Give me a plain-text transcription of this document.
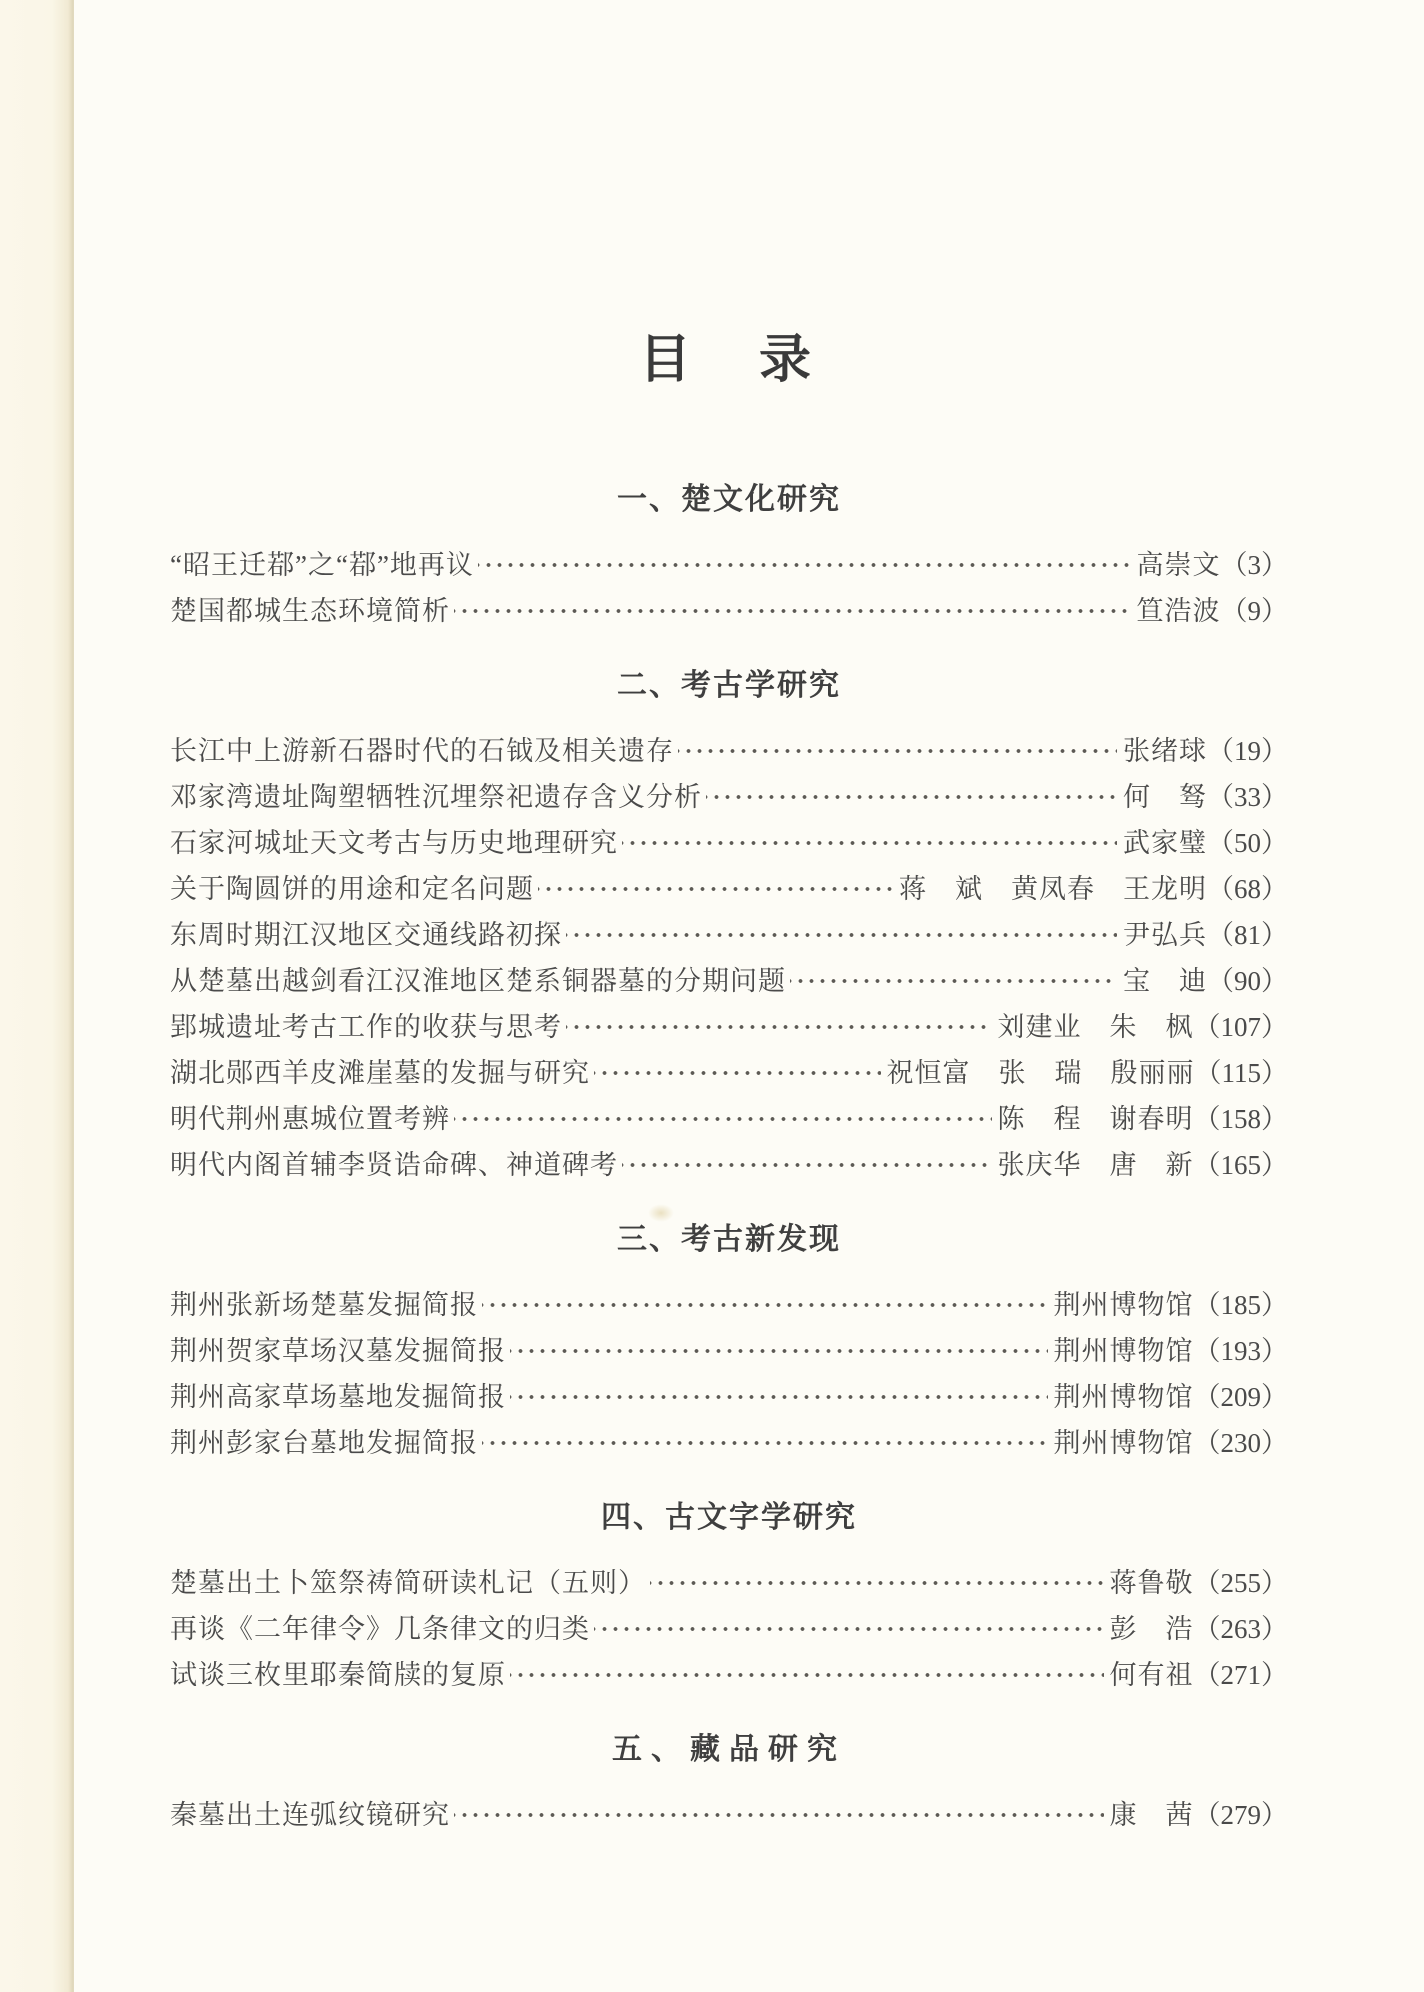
目　录
一、楚文化研究
“昭王迁鄀”之“鄀”地再议	高崇文 （3）
楚国都城生态环境简析	笪浩波 （9）
二、考古学研究
长江中上游新石器时代的石钺及相关遗存	张绪球 （19）
邓家湾遗址陶塑牺牲沉埋祭祀遗存含义分析	何　驽 （33）
石家河城址天文考古与历史地理研究	武家璧 （50）
关于陶圆饼的用途和定名问题	蒋　斌　黄凤春　王龙明 （68）
东周时期江汉地区交通线路初探	尹弘兵 （81）
从楚墓出越剑看江汉淮地区楚系铜器墓的分期问题	宝　迪 （90）
郢城遗址考古工作的收获与思考	刘建业　朱　枫 （107）
湖北郧西羊皮滩崖墓的发掘与研究	祝恒富　张　瑞　殷丽丽 （115）
明代荆州惠城位置考辨	陈　程　谢春明 （158）
明代内阁首辅李贤诰命碑、神道碑考	张庆华　唐　新 （165）
三、考古新发现
荆州张新场楚墓发掘简报	荆州博物馆 （185）
荆州贺家草场汉墓发掘简报	荆州博物馆 （193）
荆州高家草场墓地发掘简报	荆州博物馆 （209）
荆州彭家台墓地发掘简报	荆州博物馆 （230）
四、古文字学研究
楚墓出土卜筮祭祷简研读札记（五则）	蒋鲁敬 （255）
再谈《二年律令》几条律文的归类	彭　浩 （263）
试谈三枚里耶秦简牍的复原	何有祖 （271）
五、藏品研究
秦墓出土连弧纹镜研究	康　茜 （279）
